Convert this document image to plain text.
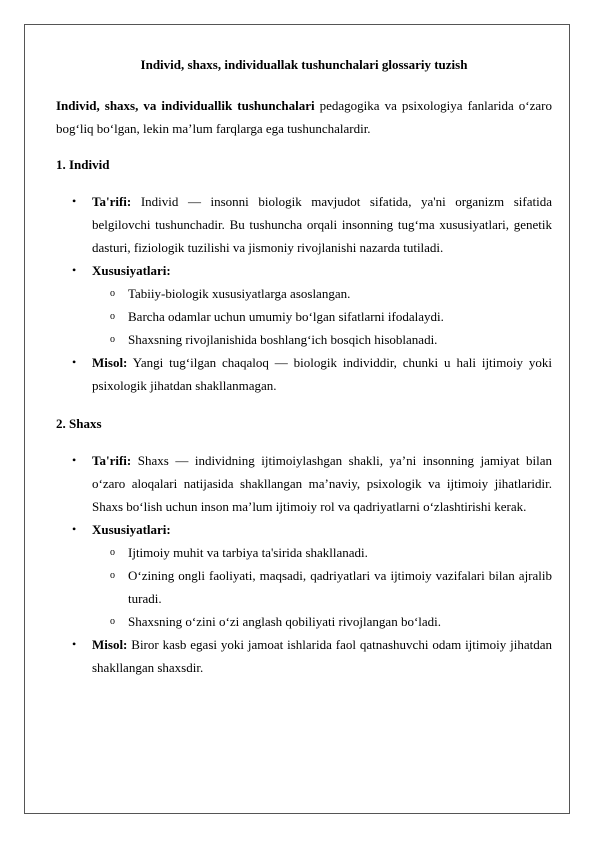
Individ, shaxs, individuallak tushunchalari glossariy tuzish

Individ, shaxs, va individuallik tushunchalari pedagogika va psixologiya fanlarida o‘zaro bog‘liq bo‘lgan, lekin ma’lum farqlarga ega tushunchalardir.

1. Individ

• Ta'rifi: Individ — insonni biologik mavjudot sifatida, ya'ni organizm sifatida belgilovchi tushunchadir. Bu tushuncha orqali insonning tug‘ma xususiyatlari, genetik dasturi, fiziologik tuzilishi va jismoniy rivojlanishi nazarda tutiladi.
• Xususiyatlari:
o Tabiiy-biologik xususiyatlarga asoslangan.
o Barcha odamlar uchun umumiy bo‘lgan sifatlarni ifodalaydi.
o Shaxsning rivojlanishida boshlang‘ich bosqich hisoblanadi.
• Misol: Yangi tug‘ilgan chaqaloq — biologik individdir, chunki u hali ijtimoiy yoki psixologik jihatdan shakllanmagan.

2. Shaxs

• Ta'rifi: Shaxs — individning ijtimoiylashgan shakli, ya’ni insonning jamiyat bilan o‘zaro aloqalari natijasida shakllangan ma’naviy, psixologik va ijtimoiy jihatlaridir. Shaxs bo‘lish uchun inson ma’lum ijtimoiy rol va qadriyatlarni o‘zlashtirishi kerak.
• Xususiyatlari:
o Ijtimoiy muhit va tarbiya ta'sirida shakllanadi.
o O‘zining ongli faoliyati, maqsadi, qadriyatlari va ijtimoiy vazifalari bilan ajralib turadi.
o Shaxsning o‘zini o‘zi anglash qobiliyati rivojlangan bo‘ladi.
• Misol: Biror kasb egasi yoki jamoat ishlarida faol qatnashuvchi odam ijtimoiy jihatdan shakllangan shaxsdir.
